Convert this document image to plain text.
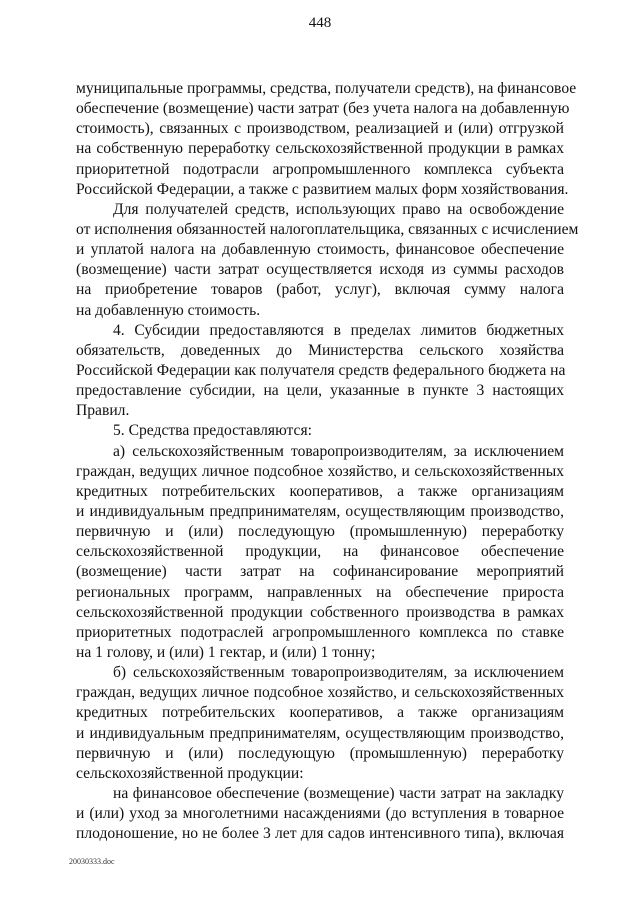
448
муниципальные программы, средства, получатели средств), на финансовое
обеспечение (возмещение) части затрат (без учета налога на добавленную
стоимость), связанных с производством, реализацией и (или) отгрузкой
на собственную переработку сельскохозяйственной продукции в рамках
приоритетной подотрасли агропромышленного комплекса субъекта
Российской Федерации, а также с развитием малых форм хозяйствования.
Для получателей средств, использующих право на освобождение
от исполнения обязанностей налогоплательщика, связанных с исчислением
и уплатой налога на добавленную стоимость, финансовое обеспечение
(возмещение) части затрат осуществляется исходя из суммы расходов
на приобретение товаров (работ, услуг), включая сумму налога
на добавленную стоимость.
4. Субсидии предоставляются в пределах лимитов бюджетных
обязательств, доведенных до Министерства сельского хозяйства
Российской Федерации как получателя средств федерального бюджета на
предоставление субсидии, на цели, указанные в пункте 3 настоящих
Правил.
5. Средства предоставляются:
а) сельскохозяйственным товаропроизводителям, за исключением
граждан, ведущих личное подсобное хозяйство, и сельскохозяйственных
кредитных потребительских кооперативов, а также организациям
и индивидуальным предпринимателям, осуществляющим производство,
первичную и (или) последующую (промышленную) переработку
сельскохозяйственной продукции, на финансовое обеспечение
(возмещение) части затрат на софинансирование мероприятий
региональных программ, направленных на обеспечение прироста
сельскохозяйственной продукции собственного производства в рамках
приоритетных подотраслей агропромышленного комплекса по ставке
на 1 голову, и (или) 1 гектар, и (или) 1 тонну;
б) сельскохозяйственным товаропроизводителям, за исключением
граждан, ведущих личное подсобное хозяйство, и сельскохозяйственных
кредитных потребительских кооперативов, а также организациям
и индивидуальным предпринимателям, осуществляющим производство,
первичную и (или) последующую (промышленную) переработку
сельскохозяйственной продукции:
на финансовое обеспечение (возмещение) части затрат на закладку
и (или) уход за многолетними насаждениями (до вступления в товарное
плодоношение, но не более 3 лет для садов интенсивного типа), включая
20030333.doc
